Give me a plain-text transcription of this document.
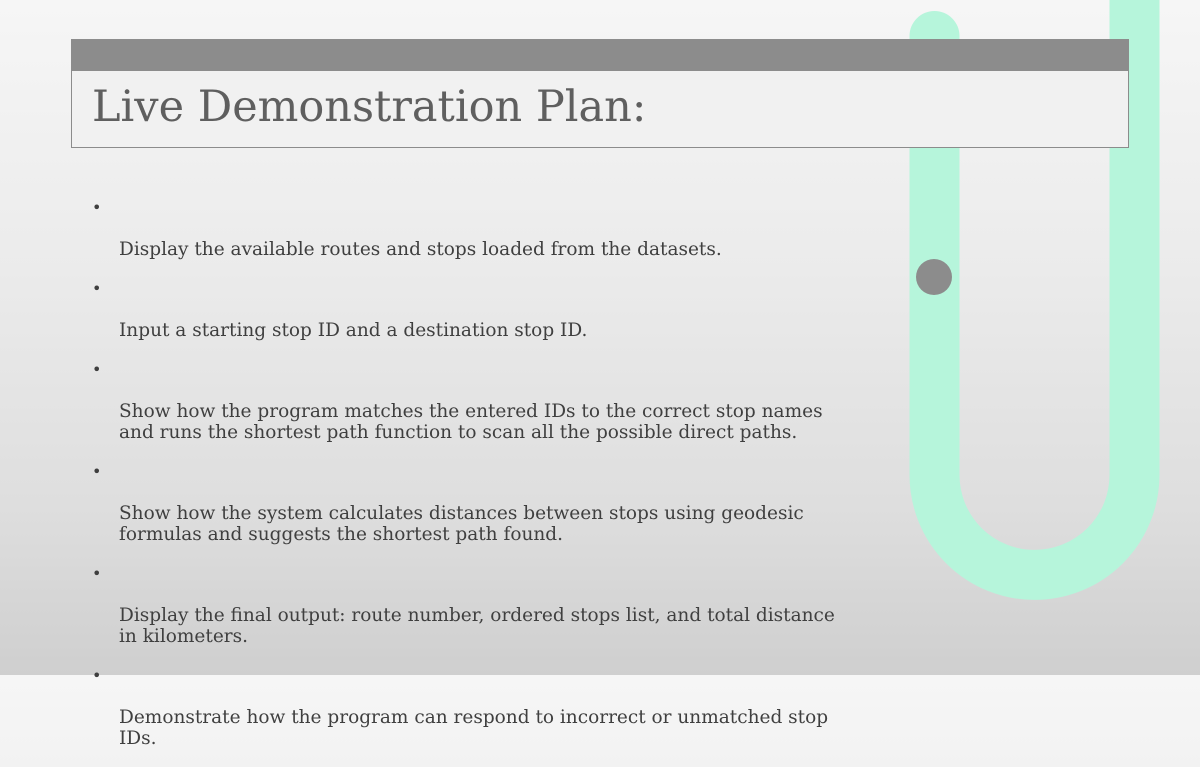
Live Demonstration Plan:

•

Display the available routes and stops loaded from the datasets.

•

Input a starting stop ID and a destination stop ID.

•

Show how the program matches the entered IDs to the correct stop names
and runs the shortest path function to scan all the possible direct paths.

•

Show how the system calculates distances between stops using geodesic
formulas and suggests the shortest path found.

•

Display the final output: route number, ordered stops list, and total distance
in kilometers.

•

Demonstrate how the program can respond to incorrect or unmatched stop
IDs.
